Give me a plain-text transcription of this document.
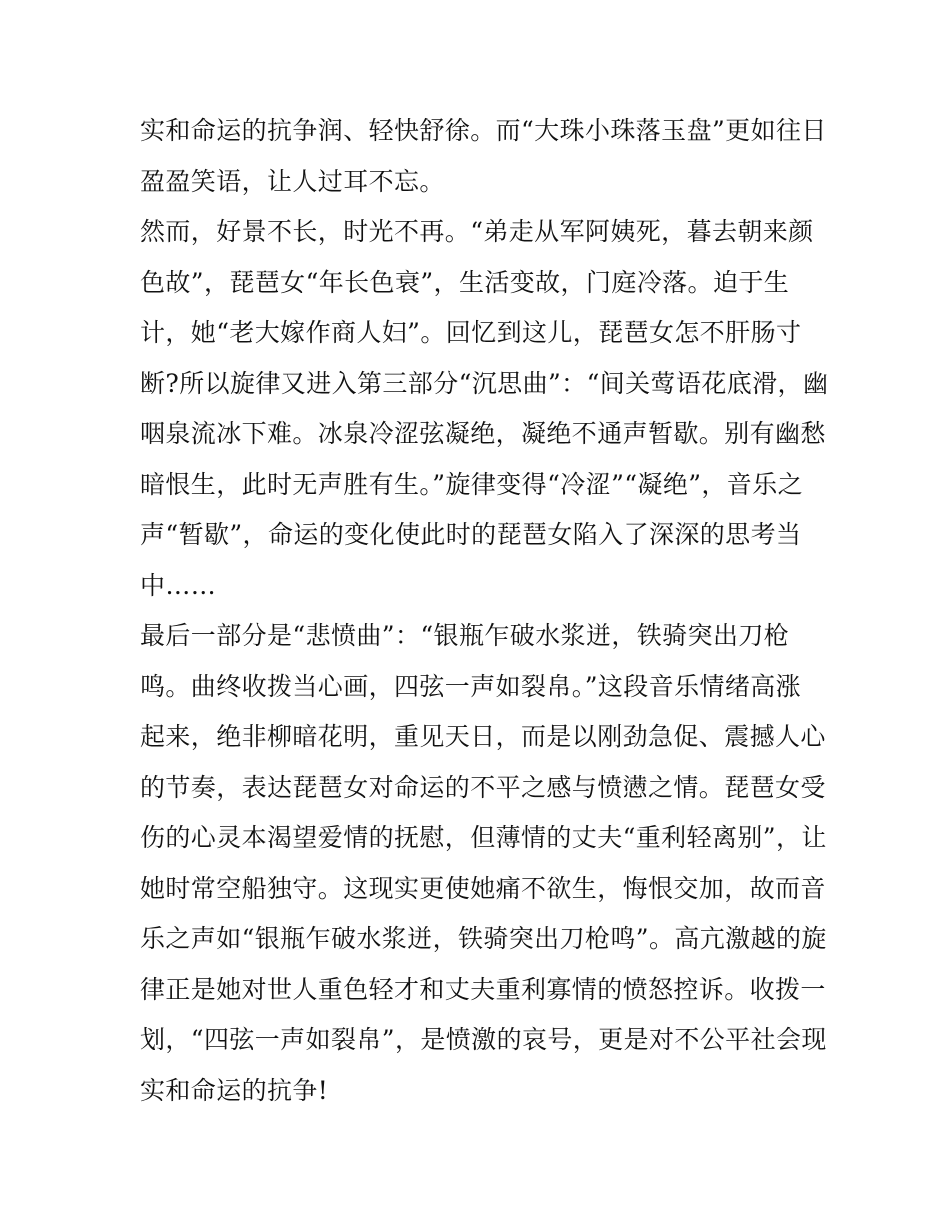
实和命运的抗争润、轻快舒徐。而“大珠小珠落玉盘”更如往日
盈盈笑语，让人过耳不忘。
然而，好景不长，时光不再。“弟走从军阿姨死，暮去朝来颜
色故”，琵琶女“年长色衰”，生活变故，门庭冷落。迫于生
计，她“老大嫁作商人妇”。回忆到这儿，琵琶女怎不肝肠寸
断?所以旋律又进入第三部分“沉思曲”：“间关莺语花底滑，幽
咽泉流冰下难。冰泉冷涩弦凝绝，凝绝不通声暂歇。别有幽愁
暗恨生，此时无声胜有生。”旋律变得“冷涩”“凝绝”，音乐之
声“暂歇”，命运的变化使此时的琵琶女陷入了深深的思考当
中……
最后一部分是“悲愤曲”：“银瓶乍破水浆迸，铁骑突出刀枪
鸣。曲终收拨当心画，四弦一声如裂帛。”这段音乐情绪高涨
起来，绝非柳暗花明，重见天日，而是以刚劲急促、震撼人心
的节奏，表达琵琶女对命运的不平之感与愤懑之情。琵琶女受
伤的心灵本渴望爱情的抚慰，但薄情的丈夫“重利轻离别”，让
她时常空船独守。这现实更使她痛不欲生，悔恨交加，故而音
乐之声如“银瓶乍破水浆迸，铁骑突出刀枪鸣”。高亢激越的旋
律正是她对世人重色轻才和丈夫重利寡情的愤怒控诉。收拨一
划，“四弦一声如裂帛”，是愤激的哀号，更是对不公平社会现
实和命运的抗争!
